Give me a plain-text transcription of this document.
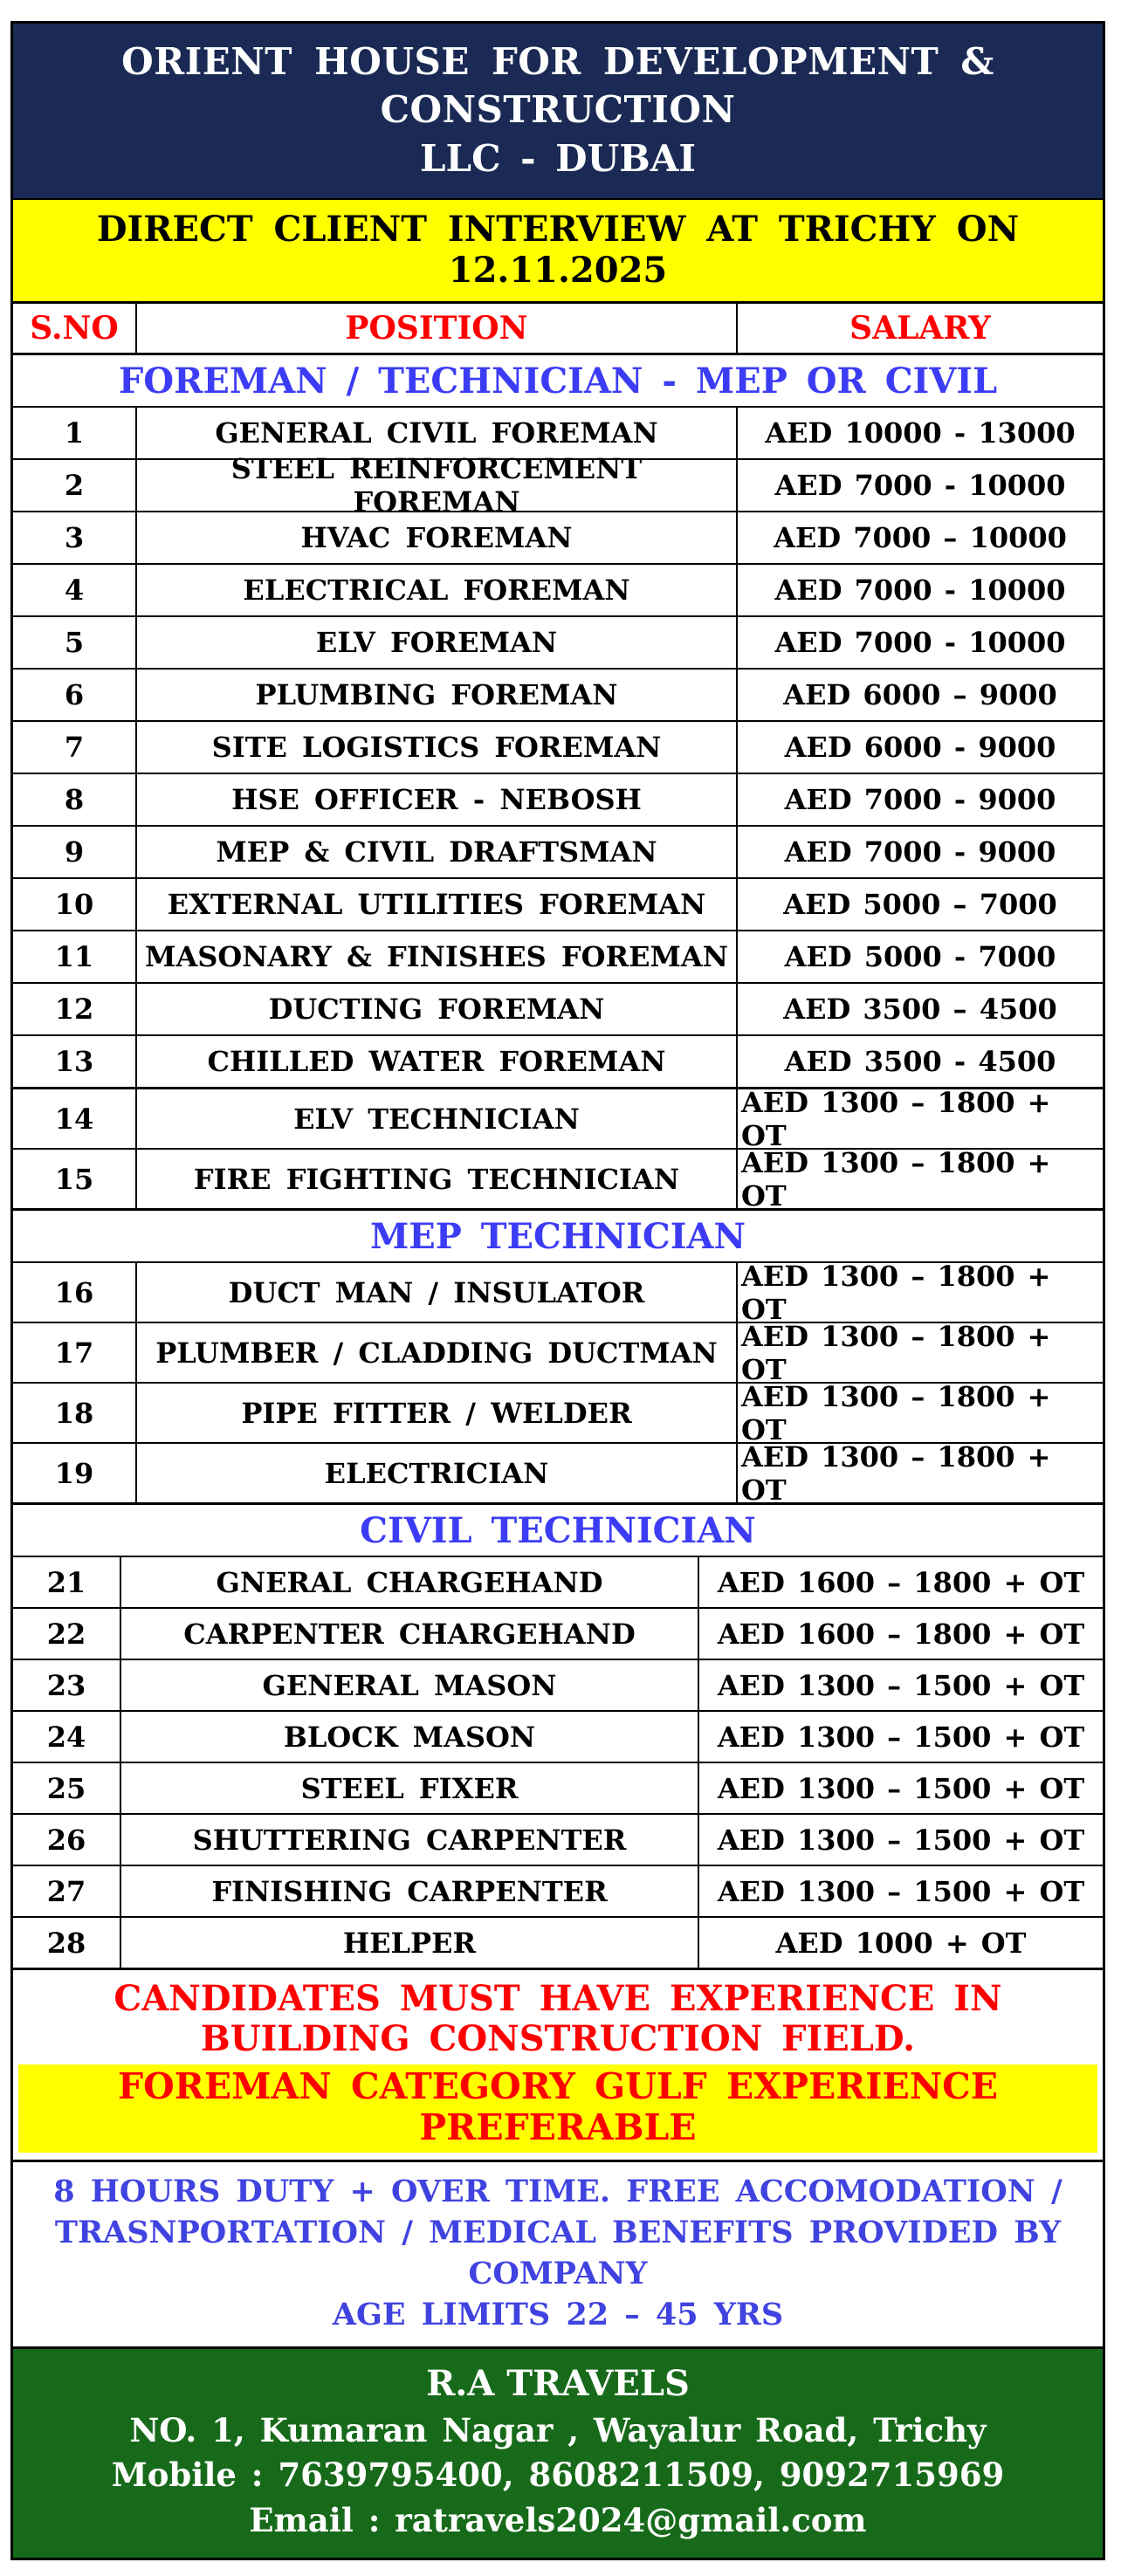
ORIENT HOUSE FOR DEVELOPMENT & CONSTRUCTION
LLC - DUBAI
DIRECT CLIENT INTERVIEW AT TRICHY ON 12.11.2025
S.NO	POSITION	SALARY
FOREMAN / TECHNICIAN - MEP OR CIVIL
1	GENERAL CIVIL FOREMAN	AED 10000 - 13000
2	STEEL REINFORCEMENT FOREMAN	AED 7000 - 10000
3	HVAC FOREMAN	AED 7000 – 10000
4	ELECTRICAL FOREMAN	AED 7000 - 10000
5	ELV FOREMAN	AED 7000 - 10000
6	PLUMBING FOREMAN	AED 6000 – 9000
7	SITE LOGISTICS FOREMAN	AED 6000 - 9000
8	HSE OFFICER - NEBOSH	AED 7000 - 9000
9	MEP & CIVIL DRAFTSMAN	AED 7000 - 9000
10	EXTERNAL UTILITIES FOREMAN	AED 5000 – 7000
11	MASONARY & FINISHES FOREMAN	AED 5000 - 7000
12	DUCTING FOREMAN	AED 3500 – 4500
13	CHILLED WATER FOREMAN	AED 3500 - 4500
14	ELV TECHNICIAN	AED 1300 – 1800 + OT
15	FIRE FIGHTING TECHNICIAN	AED 1300 – 1800 + OT
MEP TECHNICIAN
16	DUCT MAN / INSULATOR	AED 1300 – 1800 + OT
17	PLUMBER / CLADDING DUCTMAN AED 1300 – 1800 + OT
18	PIPE FITTER / WELDER	AED 1300 – 1800 + OT
19	ELECTRICIAN	AED 1300 – 1800 + OT
CIVIL TECHNICIAN
21	GNERAL CHARGEHAND	AED 1600 – 1800 + OT
22	CARPENTER CHARGEHAND	AED 1600 – 1800 + OT
23	GENERAL MASON	AED 1300 – 1500 + OT
24	BLOCK MASON	AED 1300 – 1500 + OT
25	STEEL FIXER	AED 1300 – 1500 + OT
26	SHUTTERING CARPENTER	AED 1300 – 1500 + OT
27	FINISHING CARPENTER	AED 1300 – 1500 + OT
28	HELPER	AED 1000 + OT
CANDIDATES MUST HAVE EXPERIENCE IN
BUILDING CONSTRUCTION FIELD.
FOREMAN CATEGORY GULF EXPERIENCE PREFERABLE
8 HOURS DUTY + OVER TIME. FREE ACCOMODATION /
TRASNPORTATION / MEDICAL BENEFITS PROVIDED BY COMPANY
AGE LIMITS 22 – 45 YRS
R.A TRAVELS
NO. 1, Kumaran Nagar , Wayalur Road, Trichy
Mobile : 7639795400, 8608211509, 9092715969
Email : ratravels2024@gmail.com
